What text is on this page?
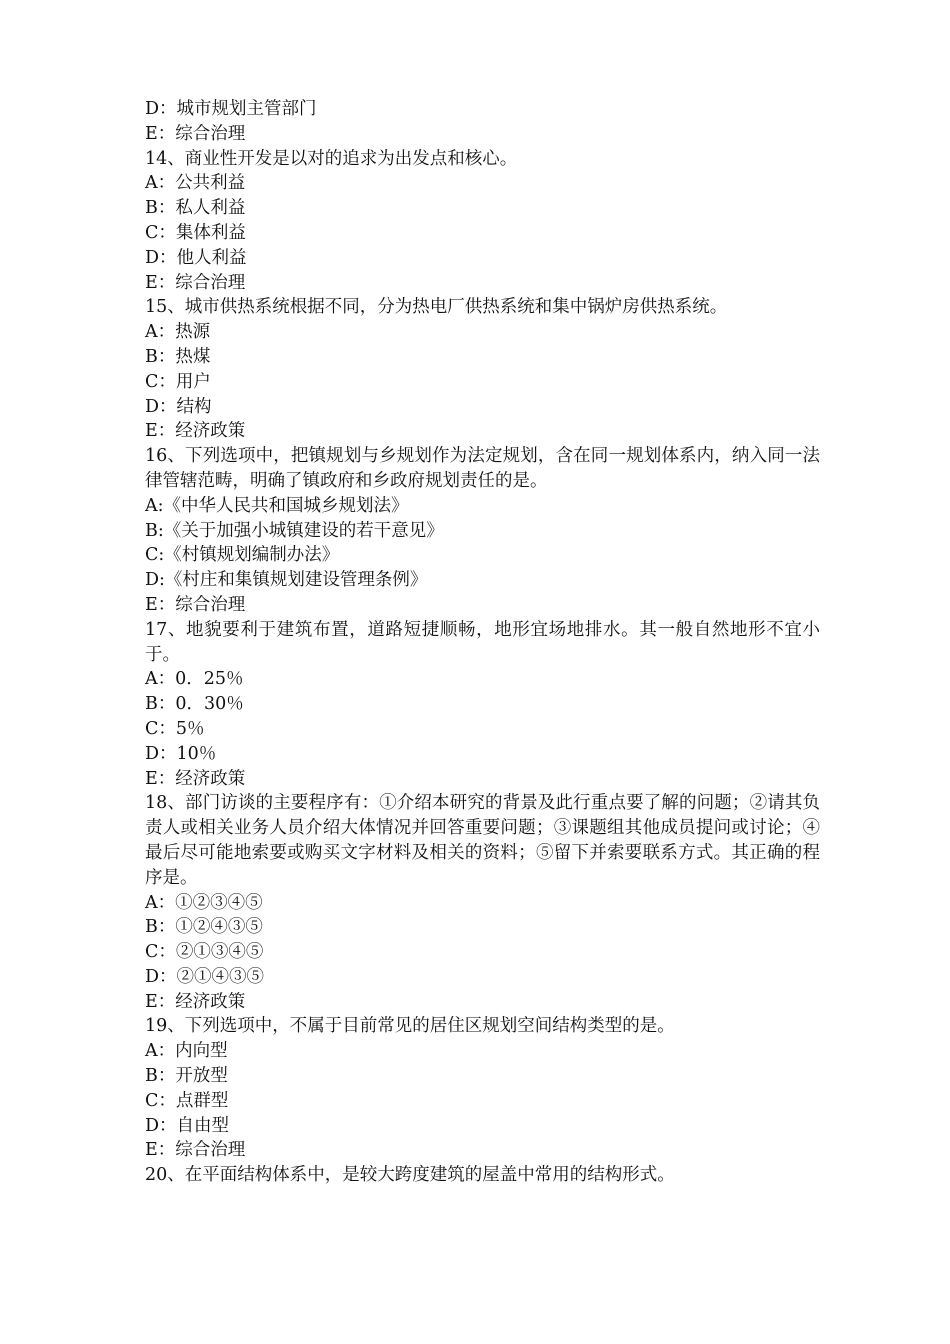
D：城市规划主管部门

E：综合治理

14、商业性开发是以对的追求为出发点和核心。

A：公共利益

B：私人利益

C：集体利益

D：他人利益

E：综合治理

15、城市供热系统根据不同，分为热电厂供热系统和集中锅炉房供热系统。

A：热源

B：热煤

C：用户

D：结构

E：经济政策

16、下列选项中，把镇规划与乡规划作为法定规划，含在同一规划体系内，纳入同一法律管辖范畴，明确了镇政府和乡政府规划责任的是。

A:《中华人民共和国城乡规划法》

B:《关于加强小城镇建设的若干意见》

C:《村镇规划编制办法》

D:《村庄和集镇规划建设管理条例》

E：综合治理

17、地貌要利于建筑布置，道路短捷顺畅，地形宜场地排水。其一般自然地形不宜小于。

A：0．25％

B：0．30％

C：5％

D：10％

E：经济政策

18、部门访谈的主要程序有：①介绍本研究的背景及此行重点要了解的问题；②请其负责人或相关业务人员介绍大体情况并回答重要问题；③课题组其他成员提问或讨论；④最后尽可能地索要或购买文字材料及相关的资料；⑤留下并索要联系方式。其正确的程序是。

A：①②③④⑤

B：①②④③⑤

C：②①③④⑤

D：②①④③⑤

E：经济政策

19、下列选项中，不属于目前常见的居住区规划空间结构类型的是。

A：内向型

B：开放型

C：点群型

D：自由型

E：综合治理

20、在平面结构体系中，是较大跨度建筑的屋盖中常用的结构形式。
